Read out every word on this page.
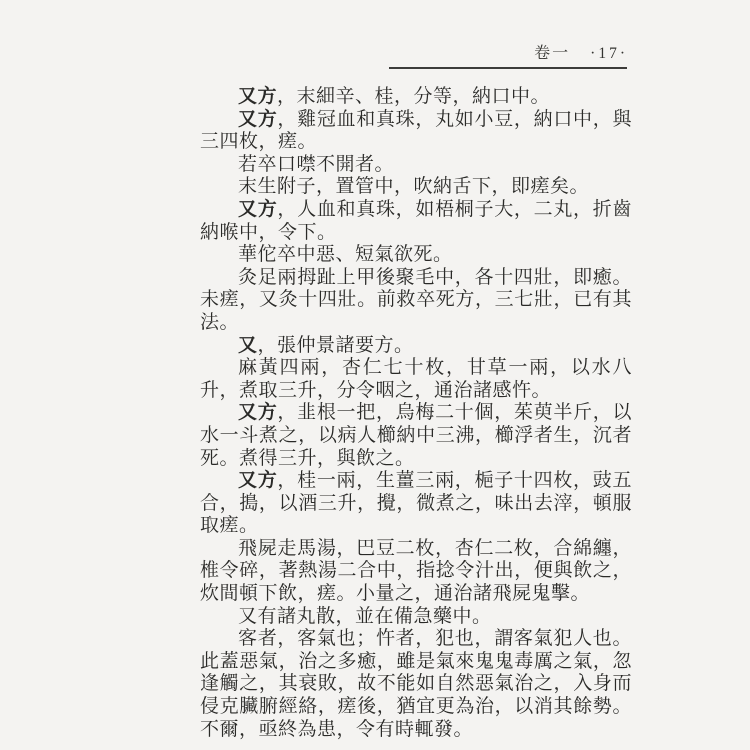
卷一 ·17·

又方，末細辛、桂，分等，納口中。

又方，雞冠血和真珠，丸如小豆，納口中，與三四枚，瘥。

若卒口噤不開者。

末生附子，置管中，吹納舌下，即瘥矣。

又方，人血和真珠，如梧桐子大，二丸，折齒納喉中，令下。

華佗卒中惡、短氣欲死。

灸足兩拇趾上甲後聚毛中，各十四壯，即癒。未瘥，又灸十四壯。前救卒死方，三七壯，已有其法。

又，張仲景諸要方。

麻黃四兩，杏仁七十枚，甘草一兩，以水八升，煮取三升，分令咽之，通治諸感忤。

又方，韭根一把，烏梅二十個，茱萸半斤，以水一斗煮之，以病人櫛納中三沸，櫛浮者生，沉者死。煮得三升，與飲之。

又方，桂一兩，生薑三兩，梔子十四枚，豉五合，搗，以酒三升，攪，微煮之，味出去滓，頓服取瘥。

飛屍走馬湯，巴豆二枚，杏仁二枚，合綿纏，椎令碎，著熱湯二合中，指捻令汁出，便與飲之，炊間頓下飲，瘥。小量之，通治諸飛屍鬼擊。

又有諸丸散，並在備急藥中。

客者，客氣也；忤者，犯也，謂客氣犯人也。此蓋惡氣，治之多癒，雖是氣來鬼鬼毒厲之氣，忽逢觸之，其衰敗，故不能如自然惡氣治之，入身而侵克臟腑經絡，瘥後，猶宜更為治，以消其餘勢。不爾，亟終為患，令有時輒發。
